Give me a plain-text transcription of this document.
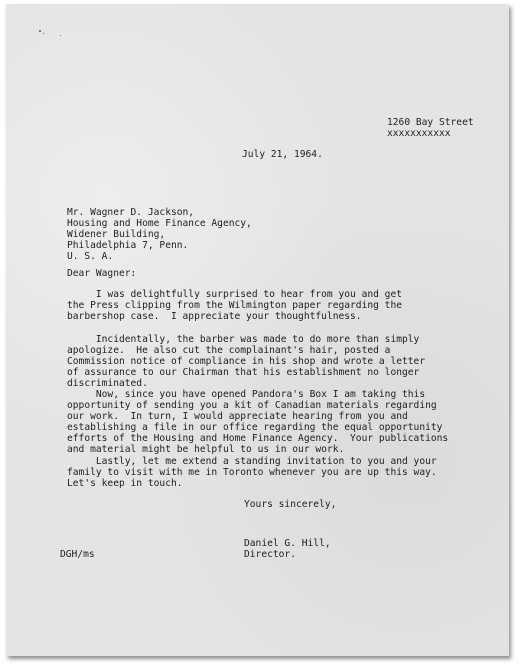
1260 Bay Street
xxxxxxxxxxx

July 21, 1964.

Mr. Wagner D. Jackson,
Housing and Home Finance Agency,
Widener Building,
Philadelphia 7, Penn.
U. S. A.

Dear Wagner:

I was delightfully surprised to hear from you and get
the Press clipping from the Wilmington paper regarding the
barbershop case.  I appreciate your thoughtfulness.
Incidentally, the barber was made to do more than simply
apologize.  He also cut the complainant's hair, posted a
Commission notice of compliance in his shop and wrote a letter
of assurance to our Chairman that his establishment no longer
discriminated.
Now, since you have opened Pandora's Box I am taking this
opportunity of sending you a kit of Canadian materials regarding
our work.  In turn, I would appreciate hearing from you and
establishing a file in our office regarding the equal opportunity
efforts of the Housing and Home Finance Agency.  Your publications
and material might be helpful to us in our work.
Lastly, let me extend a standing invitation to you and your
family to visit with me in Toronto whenever you are up this way.
Let's keep in touch.

Yours sincerely,

Daniel G. Hill,
Director.

DGH/ms
